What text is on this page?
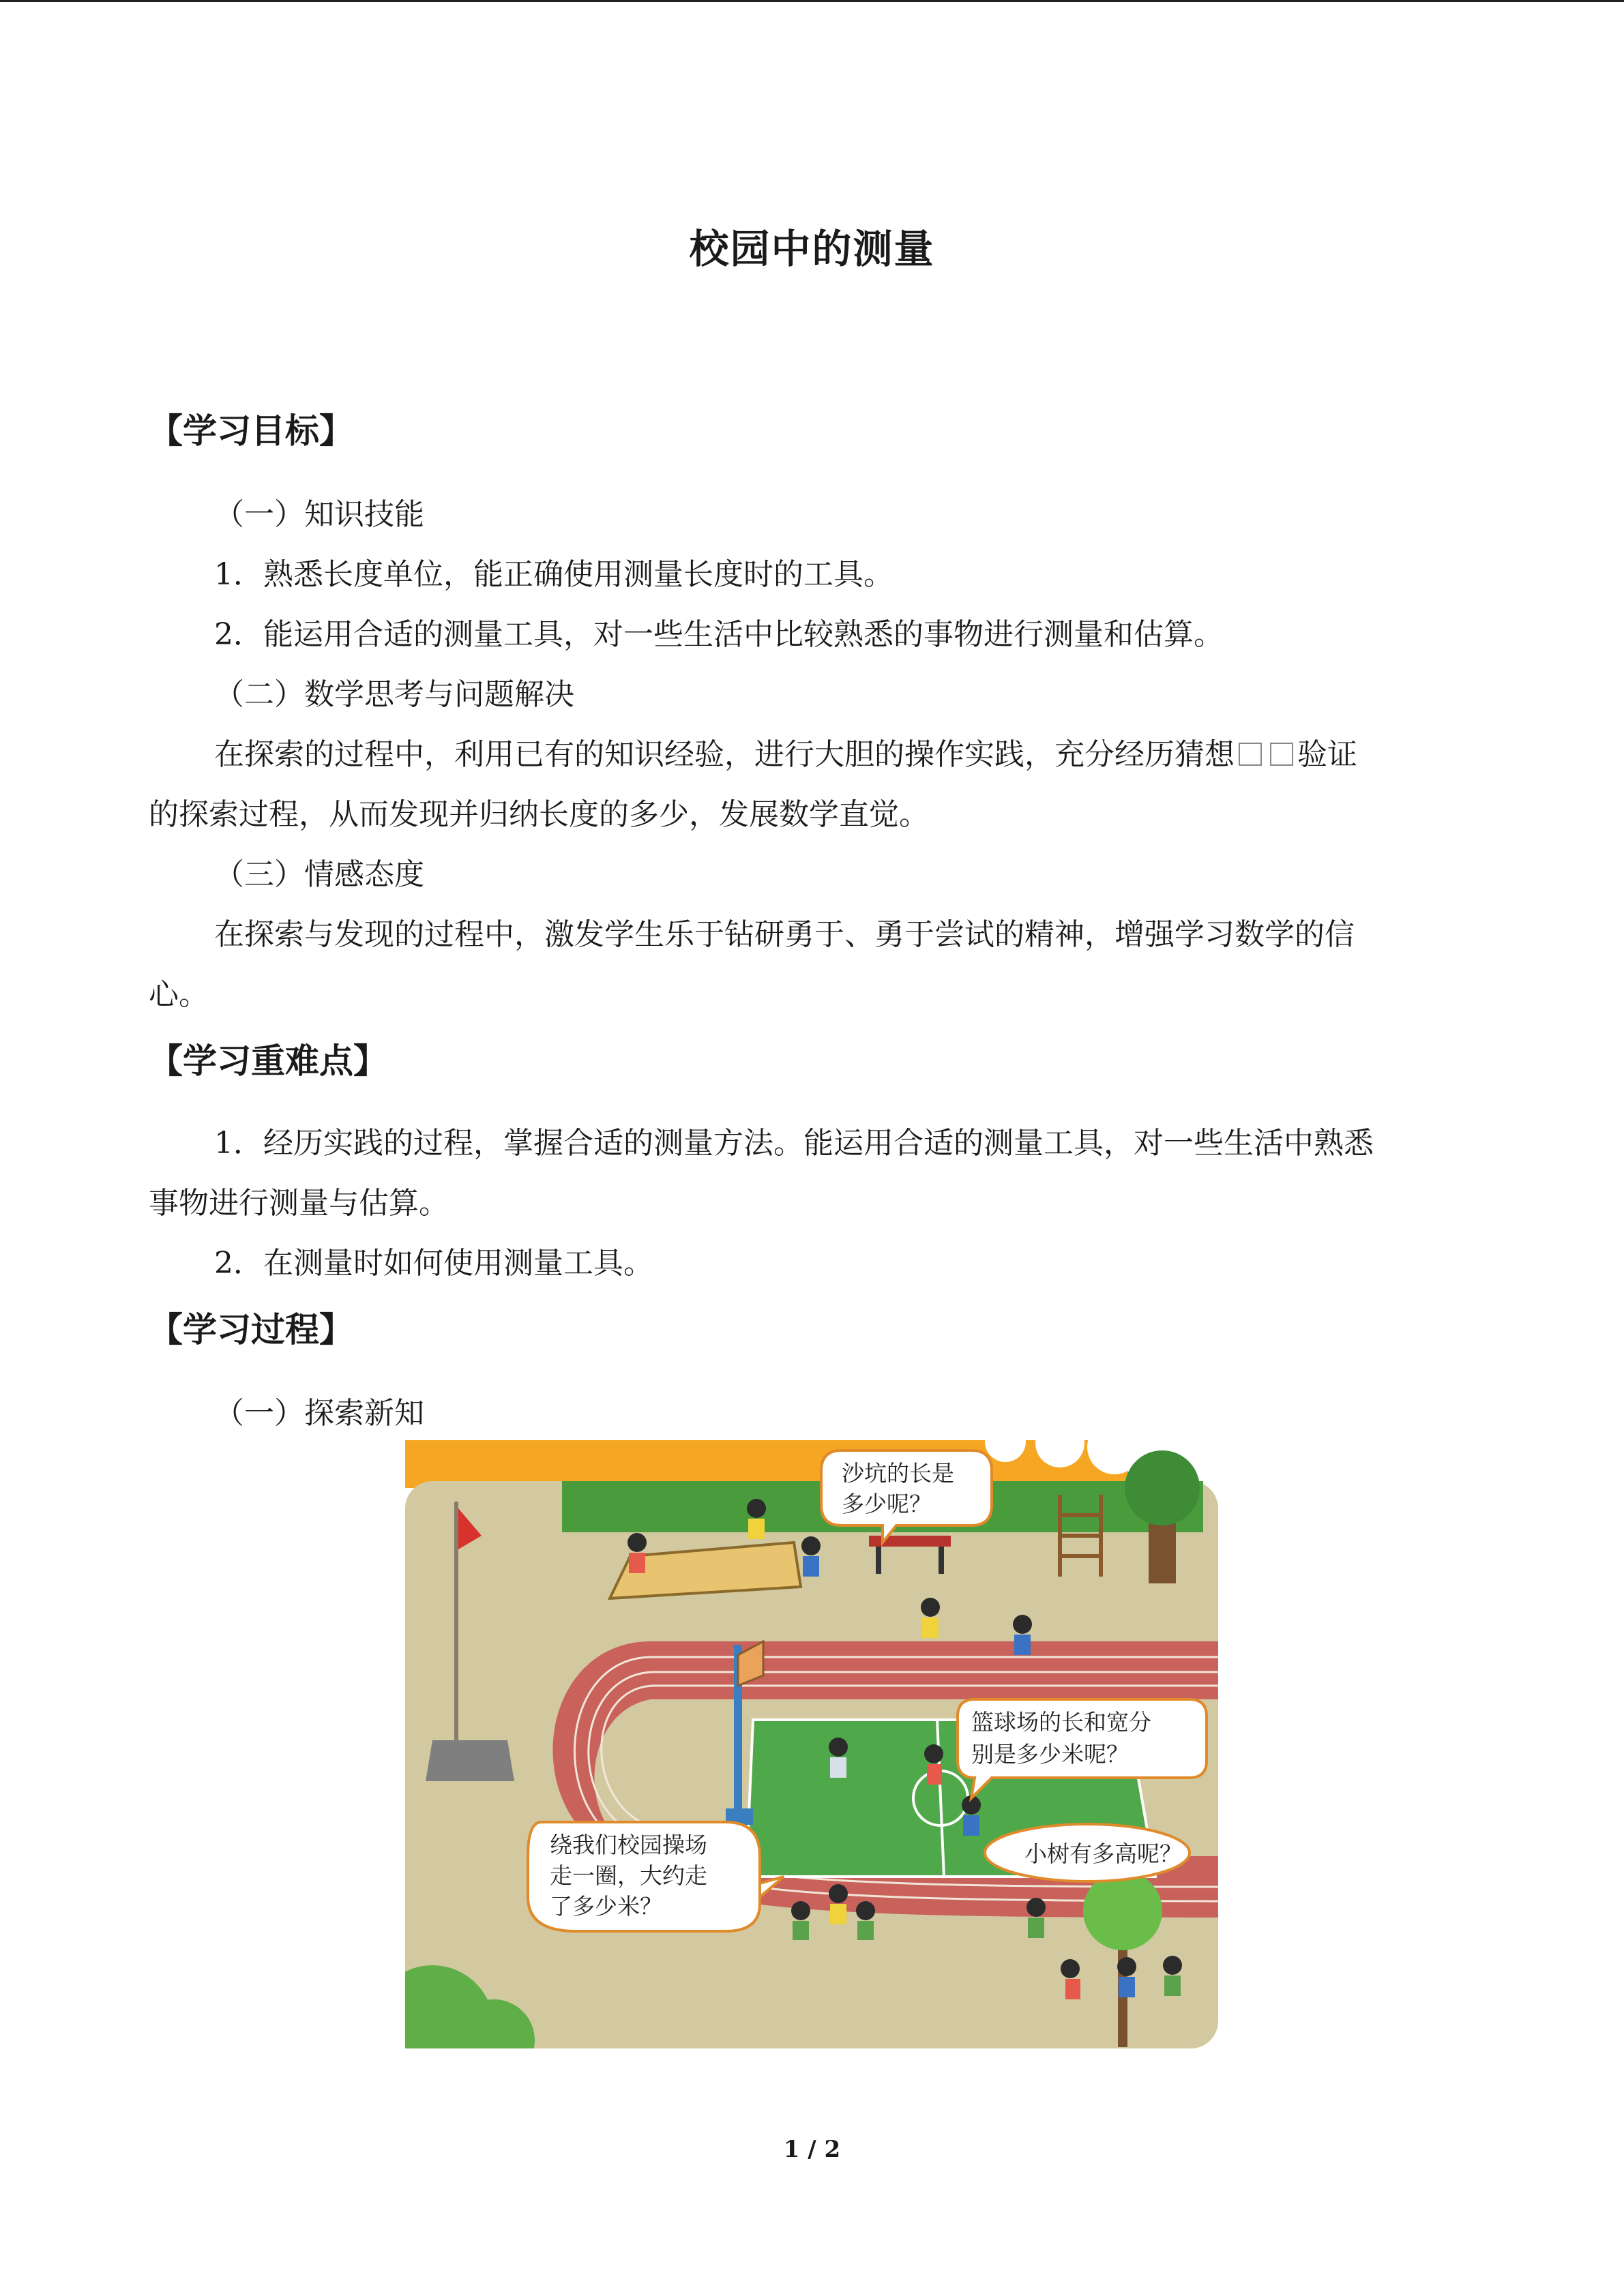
校园中的测量
【学习目标】
（一）知识技能
1．熟悉长度单位，能正确使用测量长度时的工具。
2．能运用合适的测量工具，对一些生活中比较熟悉的事物进行测量和估算。
（二）数学思考与问题解决
在探索的过程中，利用已有的知识经验，进行大胆的操作实践，充分经历猜想 验证
的探索过程，从而发现并归纳长度的多少，发展数学直觉。
（三）情感态度
在探索与发现的过程中，激发学生乐于钻研勇于、勇于尝试的精神，增强学习数学的信
心。
【学习重难点】
1．经历实践的过程，掌握合适的测量方法。能运用合适的测量工具，对一些生活中熟悉
事物进行测量与估算。
2．在测量时如何使用测量工具。
【学习过程】
（一）探索新知
沙坑的长是
多少呢？
篮球场的长和宽分
别是多少米呢？
小树有多高呢？
绕我们校园操场
走一圈，大约走
了多少米？
1 / 2
